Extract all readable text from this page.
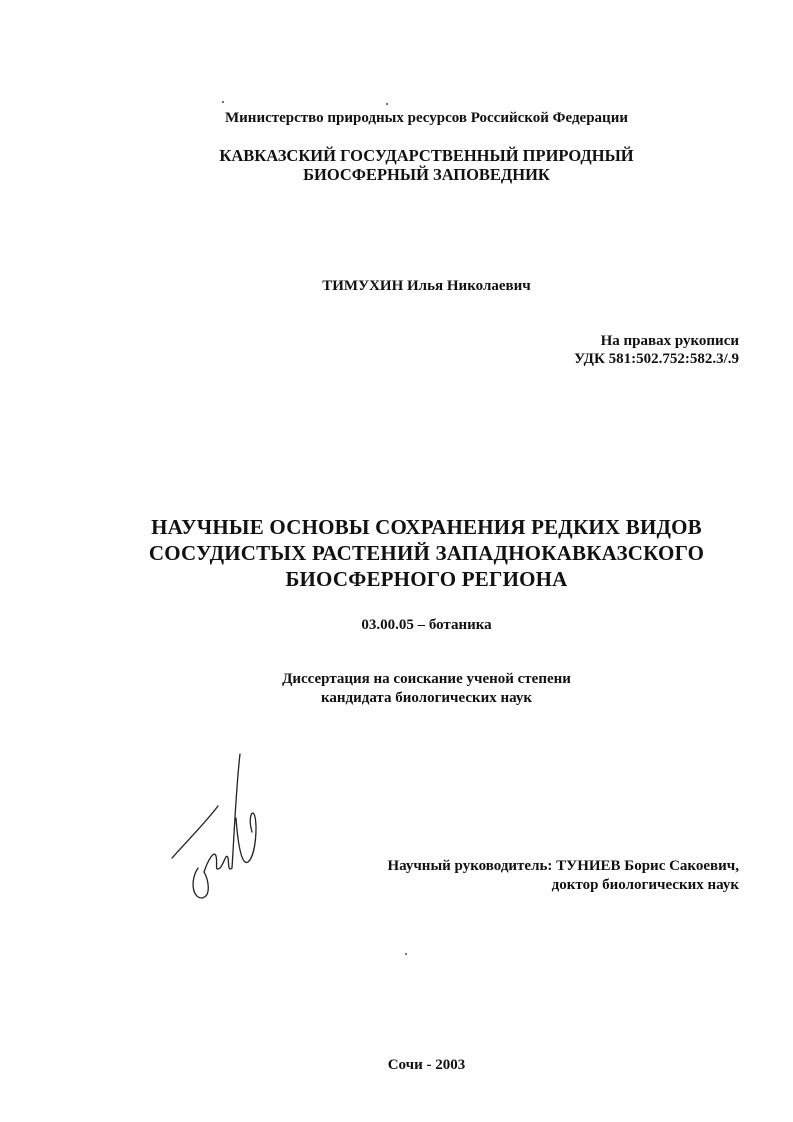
Министерство природных ресурсов Российской Федерации
КАВКАЗСКИЙ ГОСУДАРСТВЕННЫЙ ПРИРОДНЫЙ
БИОСФЕРНЫЙ ЗАПОВЕДНИК
ТИМУХИН Илья Николаевич
На правах рукописи
УДК 581:502.752:582.3/.9
НАУЧНЫЕ ОСНОВЫ СОХРАНЕНИЯ РЕДКИХ ВИДОВ
СОСУДИСТЫХ РАСТЕНИЙ ЗАПАДНОКАВКАЗСКОГО
БИОСФЕРНОГО РЕГИОНА
03.00.05 – ботаника
Диссертация на соискание ученой степени
кандидата биологических наук
Научный руководитель: ТУНИЕВ Борис Сакоевич,
доктор биологических наук
Сочи - 2003
